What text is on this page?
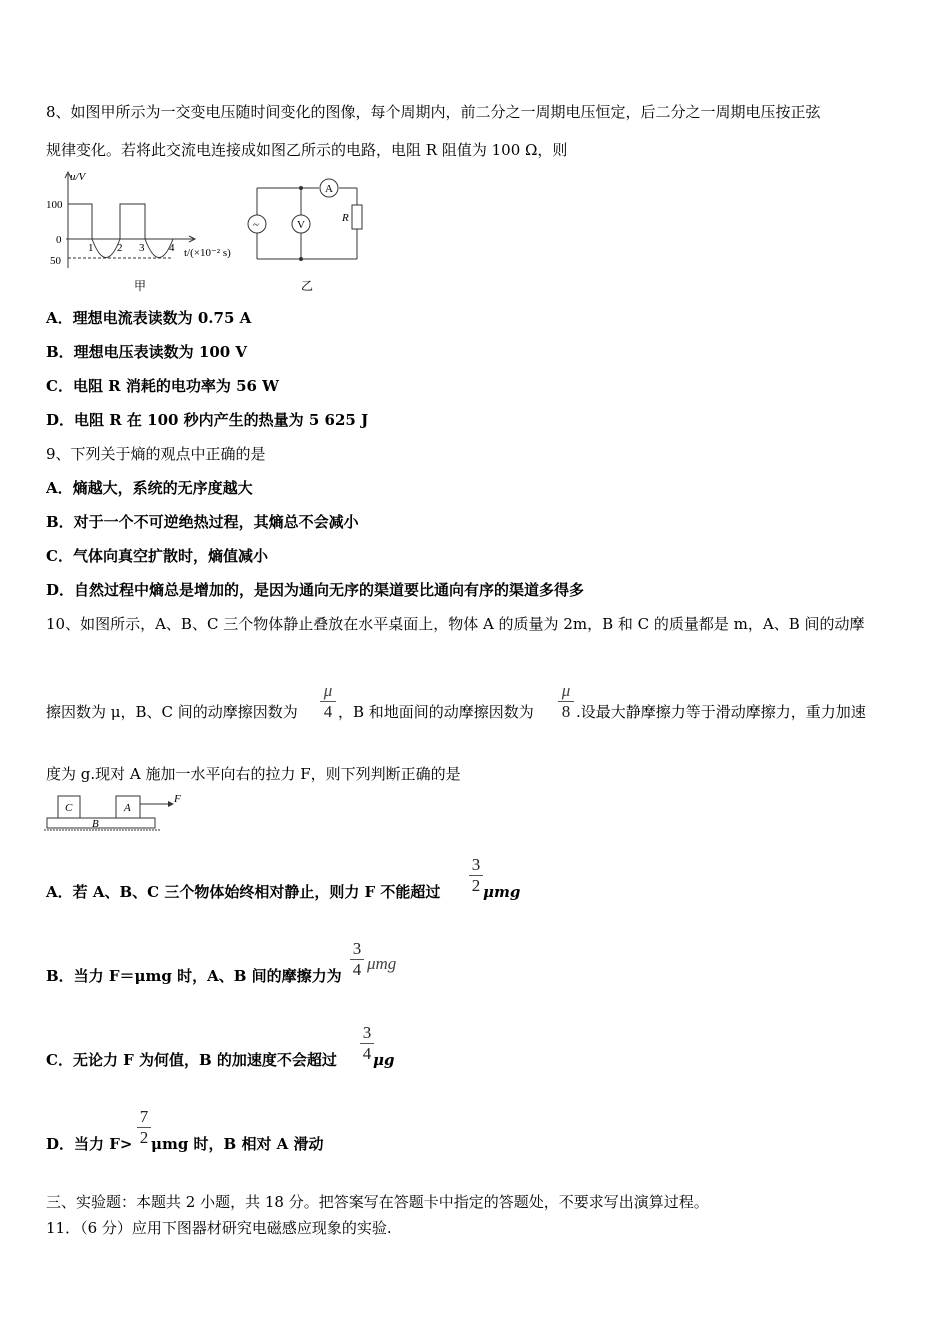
8、如图甲所示为一交变电压随时间变化的图像，每个周期内，前二分之一周期电压恒定，后二分之一周期电压按正弦
规律变化。若将此交流电连接成如图乙所示的电路，电阻 R 阻值为 100 Ω，则
u/V
100
0
50
1 2 3 4 t/(×10⁻² s)
甲
A
V
~
R
乙
A．理想电流表读数为 0.75 A
B．理想电压表读数为 100 V
C．电阻 R 消耗的电功率为 56 W
D．电阻 R 在 100 秒内产生的热量为 5 625 J
9、下列关于熵的观点中正确的是
A．熵越大，系统的无序度越大
B．对于一个不可逆绝热过程，其熵总不会减小
C．气体向真空扩散时，熵值减小
D．自然过程中熵总是增加的，是因为通向无序的渠道要比通向有序的渠道多得多
10、如图所示，A、B、C 三个物体静止叠放在水平桌面上，物体 A 的质量为 2m，B 和 C 的质量都是 m，A、B 间的动摩
擦因数为 μ，B、C 间的动摩擦因数为
μ
4 ，B 和地面间的动摩擦因数为
μ
8 .设最大静摩擦力等于滑动摩擦力，重力加速
度为 g.现对 A 施加一水平向右的拉力 F，则下列判断正确的是
C	A
B
F
A．若 A、B、C 三个物体始终相对静止，则力 F 不能超过
3
2 μmg
B．当力 F＝μmg 时，A、B 间的摩擦力为
3
4 μmg
C．无论力 F 为何值，B 的加速度不会超过
3
4 μg
D．当力 F>
7
2 μmg 时，B 相对 A 滑动
三、实验题：本题共 2 小题，共 18 分。把答案写在答题卡中指定的答题处，不要求写出演算过程。
11．（6 分）应用下图器材研究电磁感应现象的实验.
